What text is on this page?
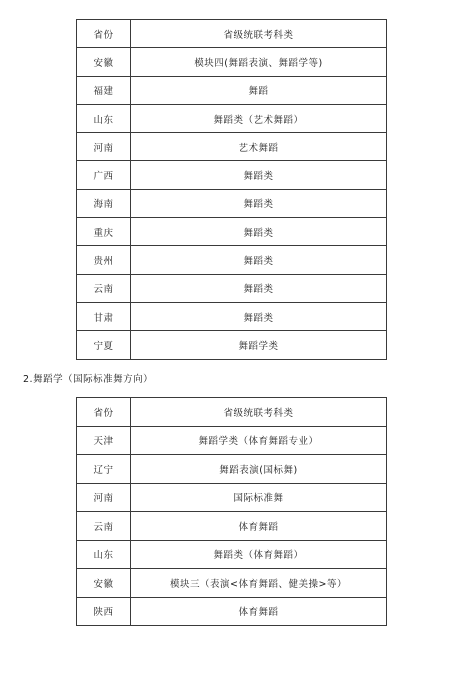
省份	省级统联考科类
安徽	模块四(舞蹈表演、舞蹈学等)
福建	舞蹈
山东	舞蹈类（艺术舞蹈）
河南	艺术舞蹈
广西	舞蹈类
海南	舞蹈类
重庆	舞蹈类
贵州	舞蹈类
云南	舞蹈类
甘肃	舞蹈类
宁夏	舞蹈学类
2.舞蹈学（国际标准舞方向）
省份	省级统联考科类
天津	舞蹈学类（体育舞蹈专业）
辽宁	舞蹈表演(国标舞)
河南	国际标准舞
云南	体育舞蹈
山东	舞蹈类（体育舞蹈）
安徽	模块三（表演<体育舞蹈、健美操>等）
陕西	体育舞蹈
